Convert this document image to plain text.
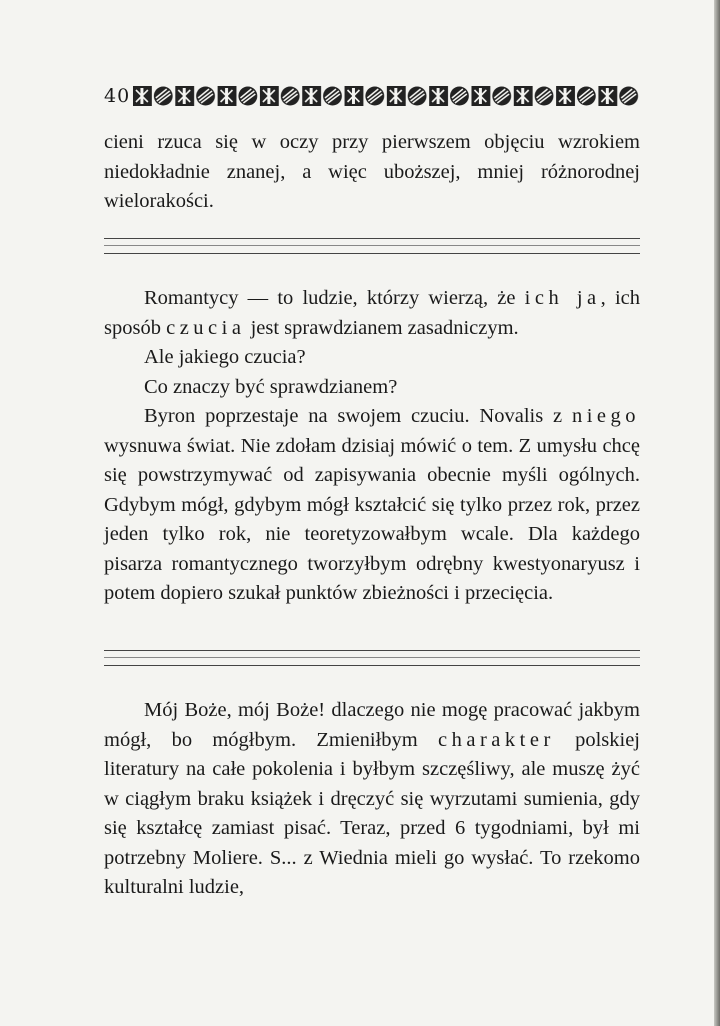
40

cieni rzuca się w oczy przy pierwszem objęciu wzrokiem niedokładnie znanej, a więc uboższej, mniej różnorodnej wielorakości.

Romantycy — to ludzie, którzy wierzą, że ich ja, ich sposób czucia jest sprawdzianem zasadniczym.

Ale jakiego czucia?

Co znaczy być sprawdzianem?

Byron poprzestaje na swojem czuciu. Novalis z niego wysnuwa świat. Nie zdołam dzisiaj mówić o tem. Z umysłu chcę się powstrzymywać od zapisywania obecnie myśli ogólnych. Gdybym mógł, gdybym mógł kształcić się tylko przez rok, przez jeden tylko rok, nie teoretyzowałbym wcale. Dla każdego pisarza romantycznego tworzyłbym odrębny kwestyonaryusz i potem dopiero szukał punktów zbieżności i przecięcia.

Mój Boże, mój Boże! dlaczego nie mogę pracować jakbym mógł, bo mógłbym. Zmieniłbym charakter polskiej literatury na całe pokolenia i byłbym szczęśliwy, ale muszę żyć w ciągłym braku książek i dręczyć się wyrzutami sumienia, gdy się kształcę zamiast pisać. Teraz, przed 6 tygodniami, był mi potrzebny Moliere. S... z Wiednia mieli go wysłać. To rzekomo kulturalni ludzie,
